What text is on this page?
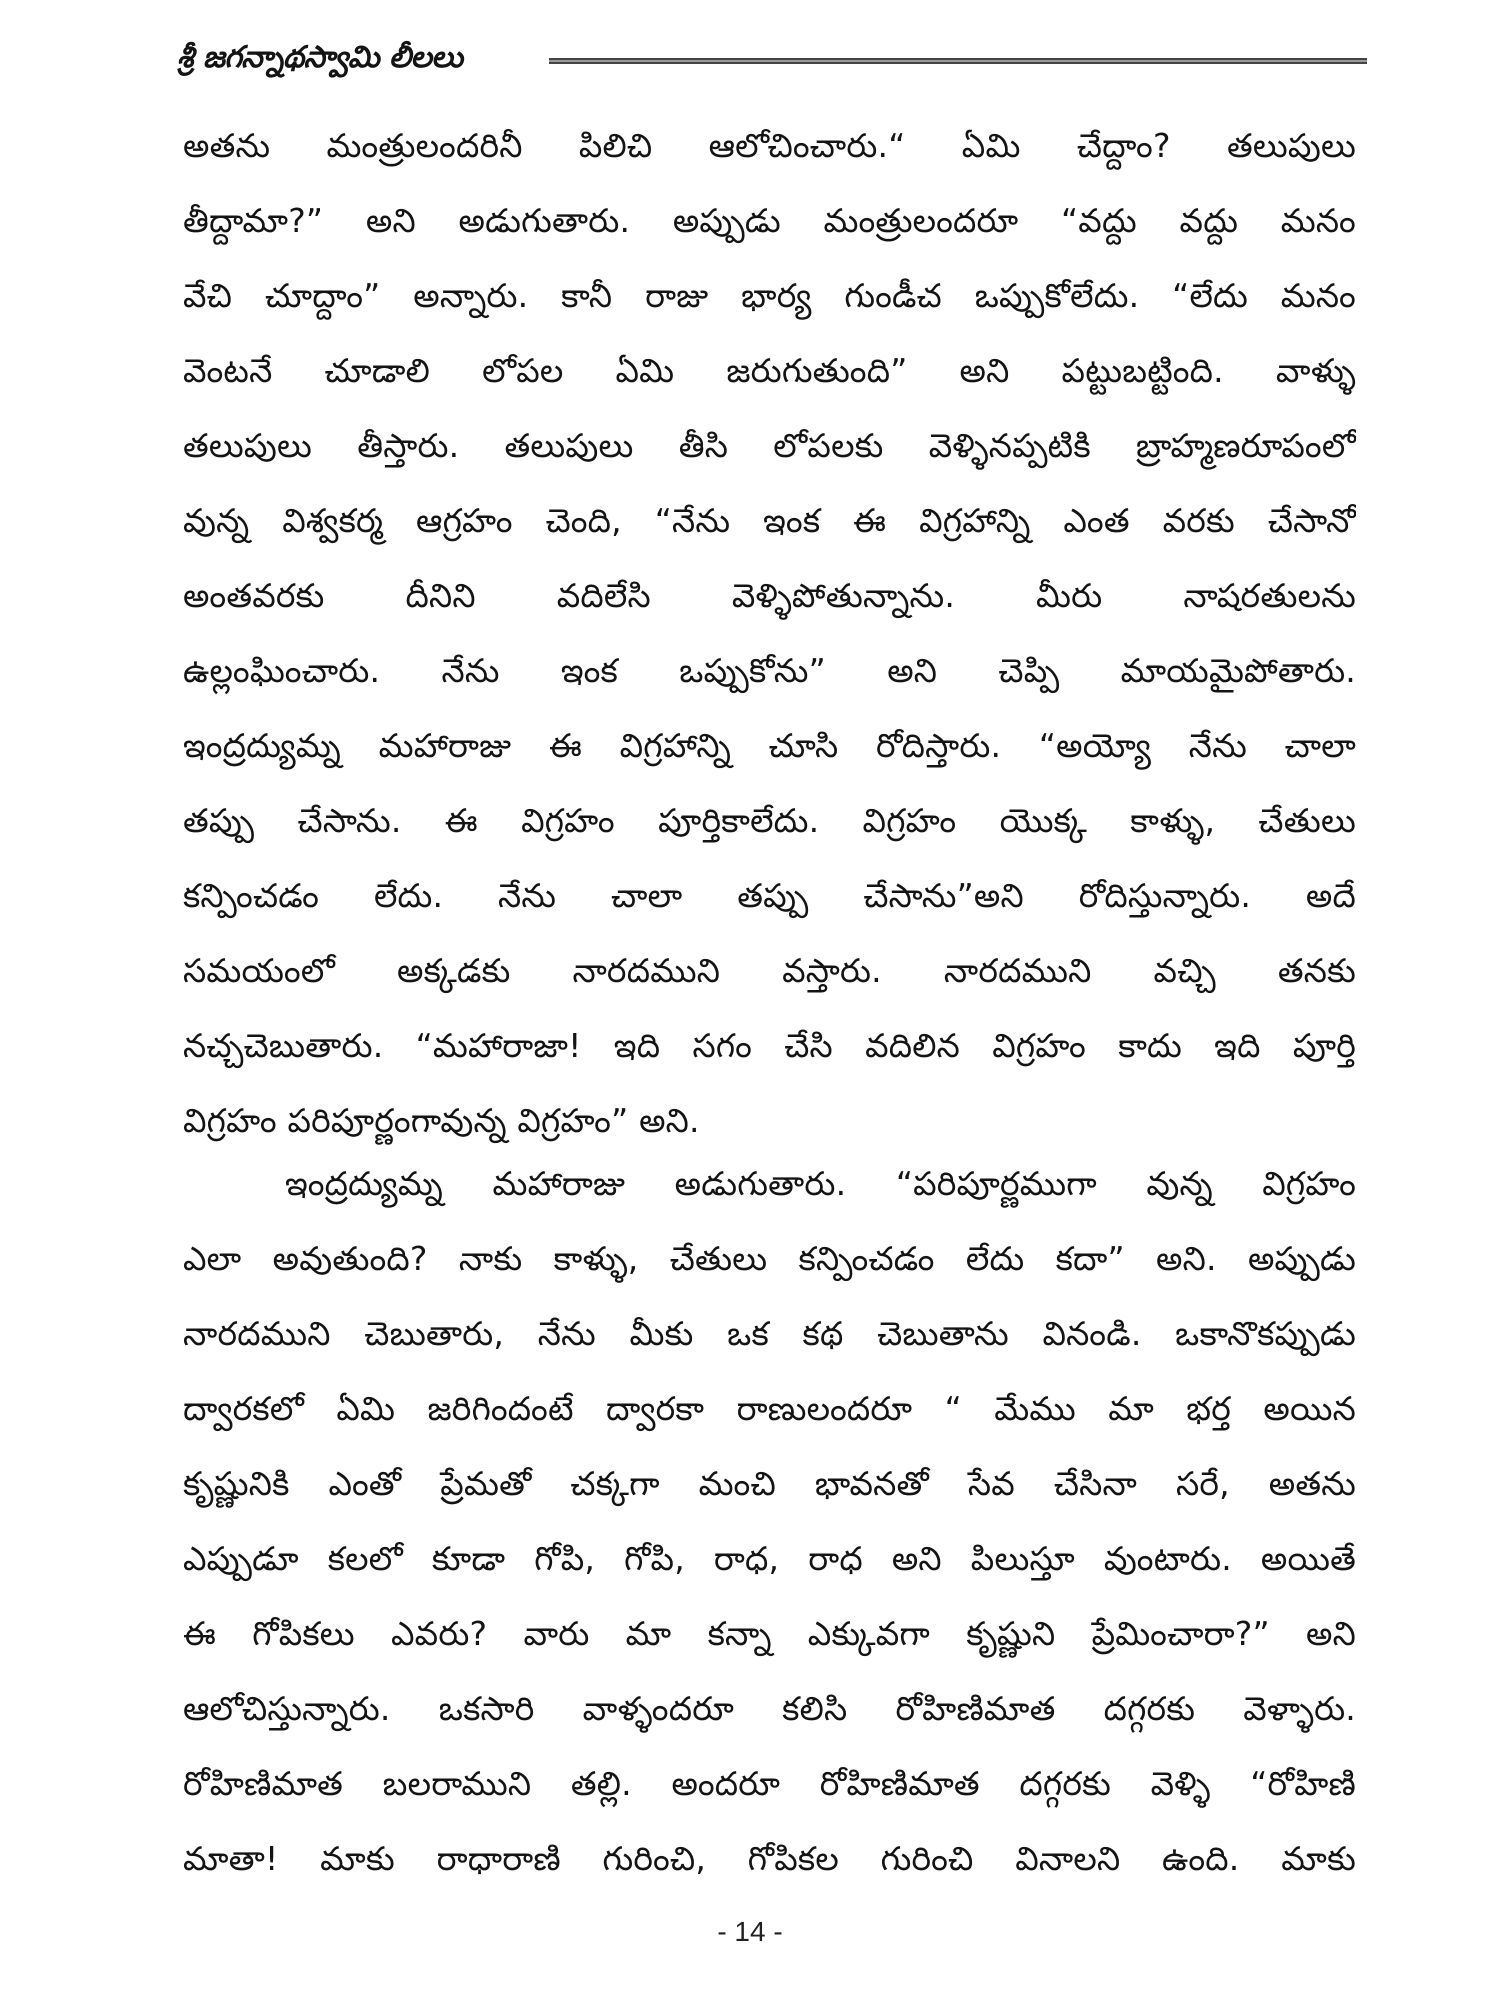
శ్రీ జగన్నాథస్వామి లీలలు
అతను మంత్రులందరినీ పిలిచి ఆలోచించారు.“ ఏమి చేద్దాం? తలుపులు
తీద్దామా?” అని అడుగుతారు. అప్పుడు మంత్రులందరూ “వద్దు వద్దు మనం
వేచి చూద్దాం” అన్నారు. కానీ రాజు భార్య గుండీచ ఒప్పుకోలేదు. “లేదు మనం
వెంటనే చూడాలి లోపల ఏమి జరుగుతుంది” అని పట్టుబట్టింది. వాళ్ళు
తలుపులు తీస్తారు. తలుపులు తీసి లోపలకు వెళ్ళినప్పటికి బ్రాహ్మణరూపంలో
వున్న విశ్వకర్మ ఆగ్రహం చెంది, “నేను ఇంక ఈ విగ్రహాన్ని ఎంత వరకు చేసానో
అంతవరకు దీనిని వదిలేసి వెళ్ళిపోతున్నాను. మీరు నాషరతులను
ఉల్లంఘించారు. నేను ఇంక ఒప్పుకోను” అని చెప్పి మాయమైపోతారు.
ఇంద్రద్యుమ్న మహారాజు ఈ విగ్రహాన్ని చూసి రోదిస్తారు. “అయ్యో నేను చాలా
తప్పు చేసాను. ఈ విగ్రహం పూర్తికాలేదు. విగ్రహం యొక్క కాళ్ళు, చేతులు
కన్పించడం లేదు. నేను చాలా తప్పు చేసాను”అని రోదిస్తున్నారు. అదే
సమయంలో అక్కడకు నారదముని వస్తారు. నారదముని వచ్చి తనకు
నచ్చచెబుతారు. “మహారాజా! ఇది సగం చేసి వదిలిన విగ్రహం కాదు ఇది పూర్తి
విగ్రహం పరిపూర్ణంగావున్న విగ్రహం” అని.
ఇంద్రద్యుమ్న మహారాజు అడుగుతారు. “పరిపూర్ణముగా వున్న విగ్రహం
ఎలా అవుతుంది? నాకు కాళ్ళు, చేతులు కన్పించడం లేదు కదా” అని. అప్పుడు
నారదముని చెబుతారు, నేను మీకు ఒక కథ చెబుతాను వినండి. ఒకానొకప్పుడు
ద్వారకలో ఏమి జరిగిందంటే ద్వారకా రాణులందరూ “ మేము మా భర్త అయిన
కృష్ణునికి ఎంతో ప్రేమతో చక్కగా మంచి భావనతో సేవ చేసినా సరే, అతను
ఎప్పుడూ కలలో కూడా గోపి, గోపి, రాధ, రాధ అని పిలుస్తూ వుంటారు. అయితే
ఈ గోపికలు ఎవరు? వారు మా కన్నా ఎక్కువగా కృష్ణుని ప్రేమించారా?” అని
ఆలోచిస్తున్నారు. ఒకసారి వాళ్ళందరూ కలిసి రోహిణిమాత దగ్గరకు వెళ్ళారు.
రోహిణిమాత బలరాముని తల్లి. అందరూ రోహిణిమాత దగ్గరకు వెళ్ళి “రోహిణి
మాతా! మాకు రాధారాణి గురించి, గోపికల గురించి వినాలని ఉంది. మాకు
- 14 -
